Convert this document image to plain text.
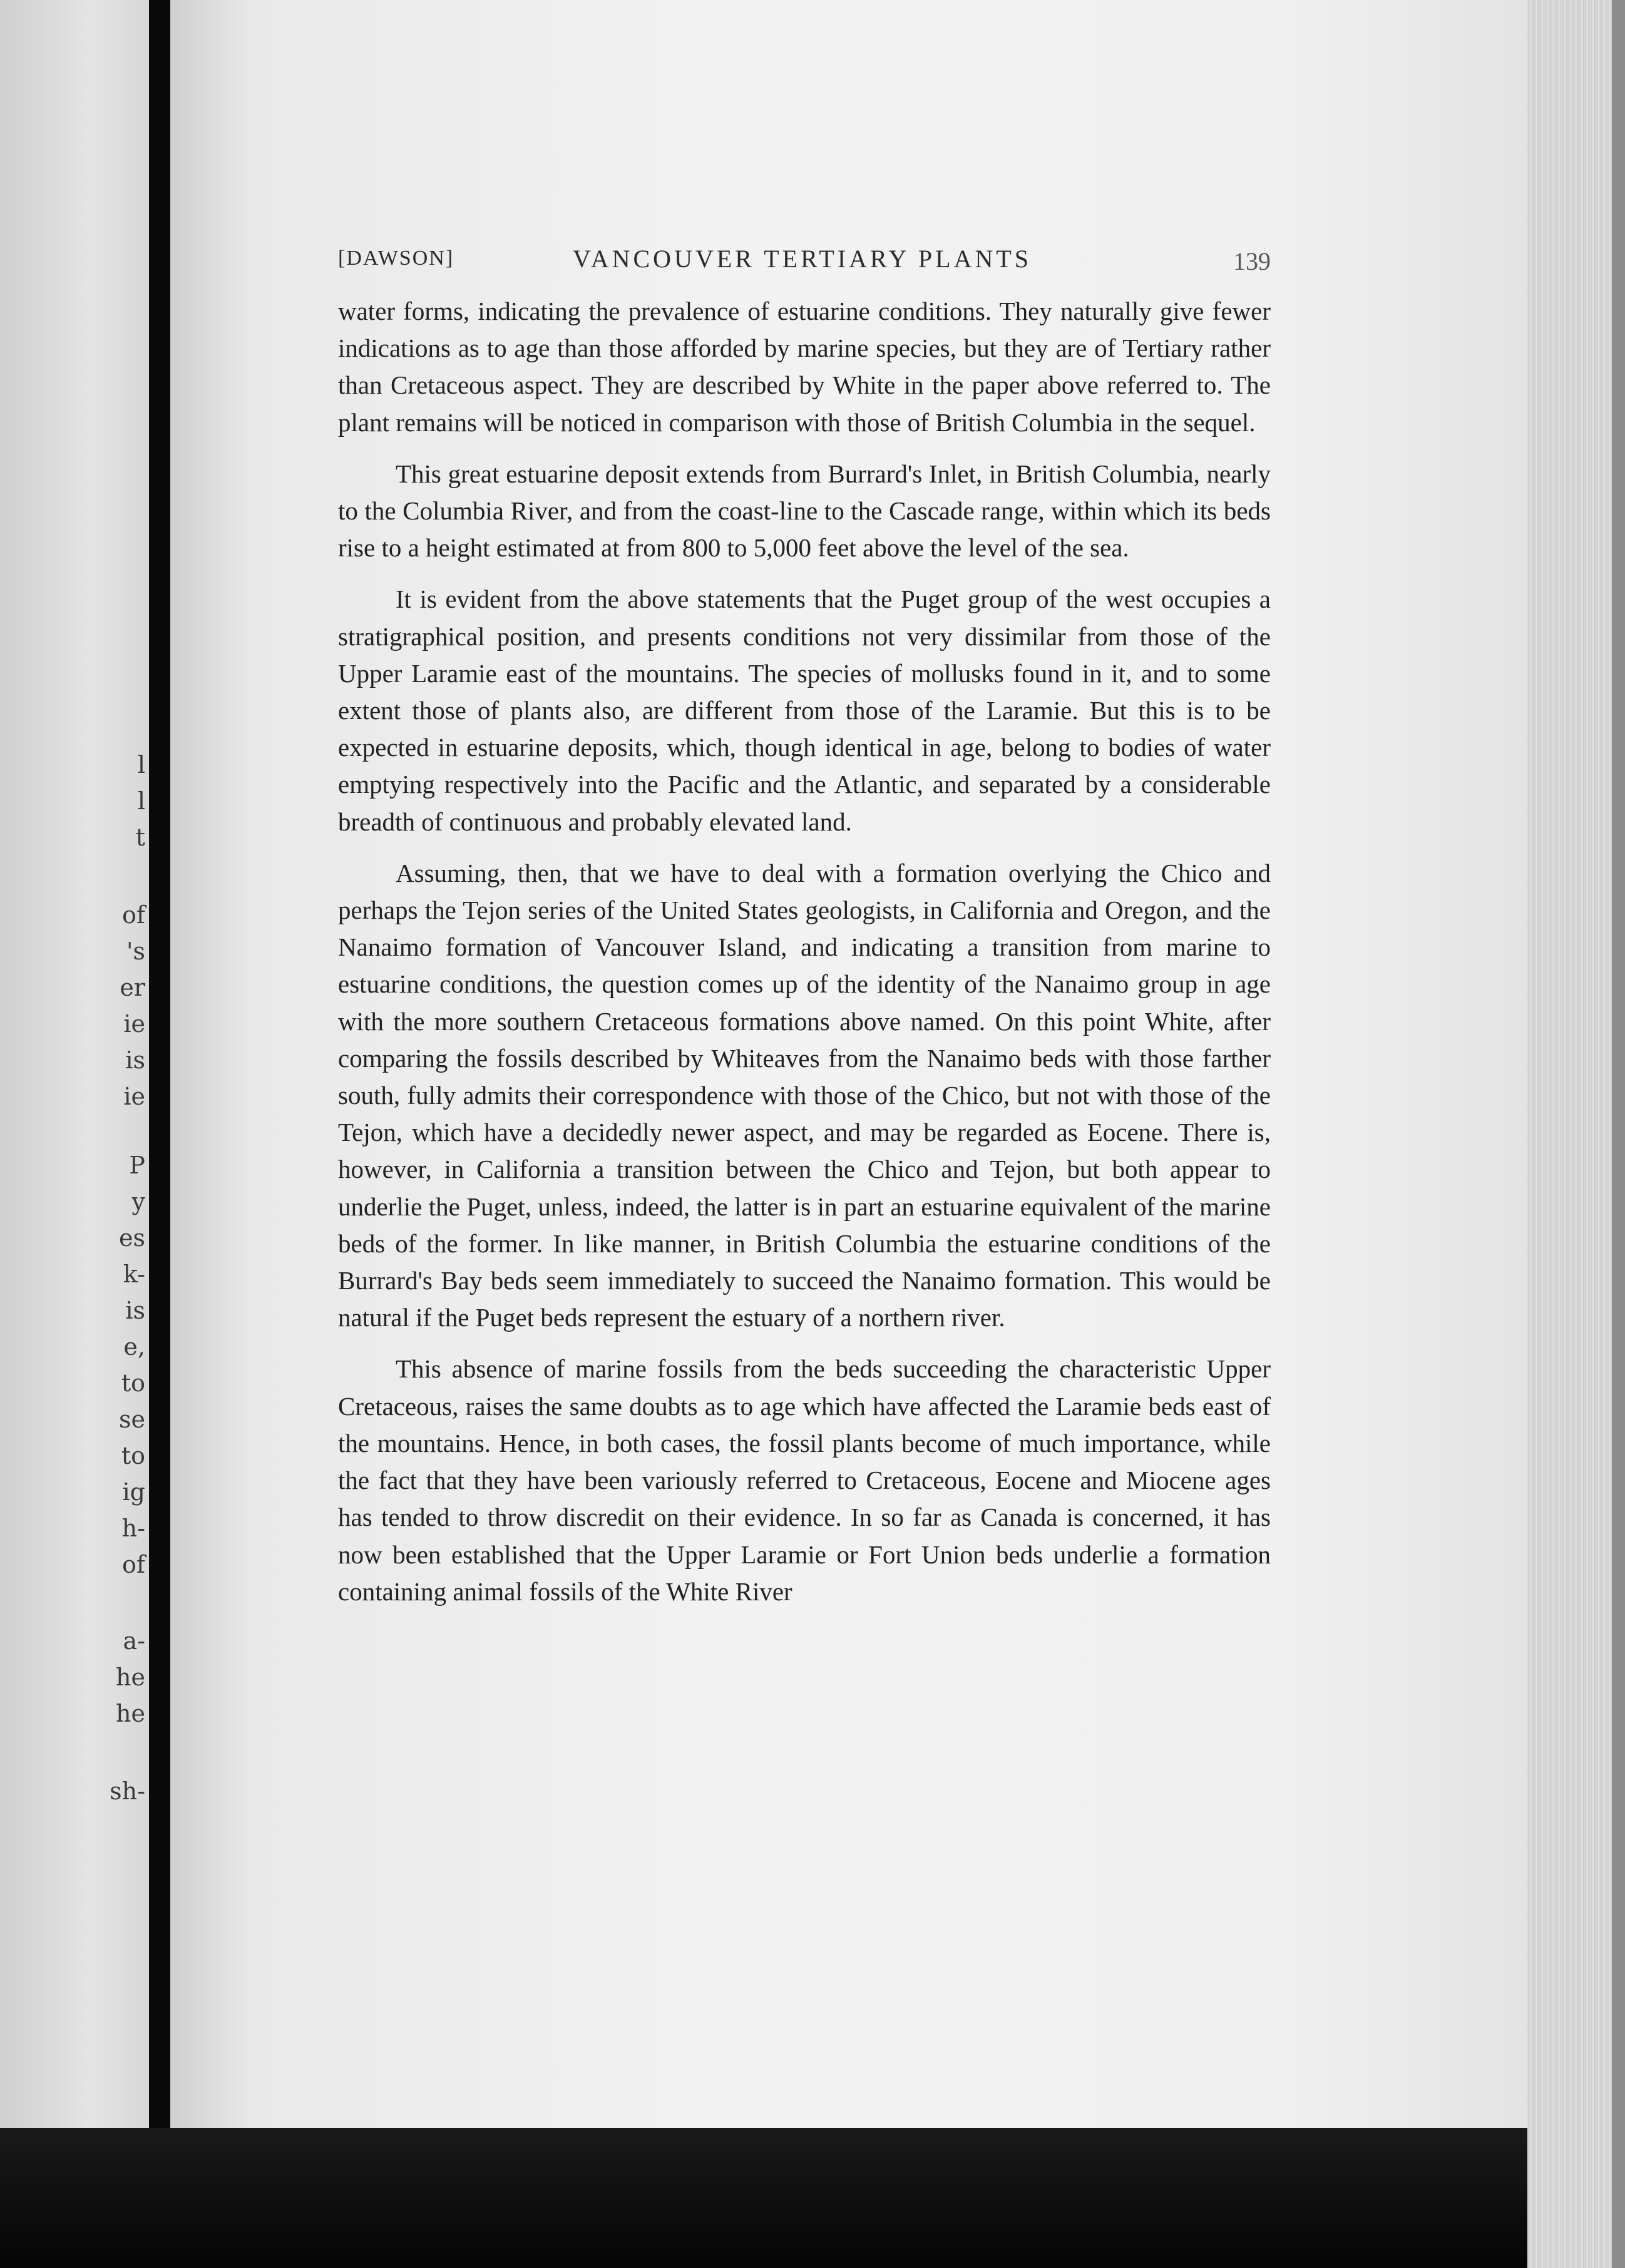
l
l
t
of
's
er
ie
is
ie
P
y
es
k-
is
e,
to
se
to
ig
h-
of
a-
he
he
sh-
[DAWSON]	VANCOUVER TERTIARY PLANTS	139

water forms, indicating the prevalence of estuarine conditions. They naturally give fewer indications as to age than those afforded by marine species, but they are of Tertiary rather than Cretaceous aspect. They are described by White in the paper above referred to. The plant remains will be noticed in comparison with those of British Columbia in the sequel.

This great estuarine deposit extends from Burrard's Inlet, in British Columbia, nearly to the Columbia River, and from the coast-line to the Cascade range, within which its beds rise to a height estimated at from 800 to 5,000 feet above the level of the sea.

It is evident from the above statements that the Puget group of the west occupies a stratigraphical position, and presents conditions not very dissimilar from those of the Upper Laramie east of the mountains. The species of mollusks found in it, and to some extent those of plants also, are different from those of the Laramie. But this is to be expected in estuarine deposits, which, though identical in age, belong to bodies of water emptying respectively into the Pacific and the Atlantic, and separated by a considerable breadth of continuous and probably elevated land.

Assuming, then, that we have to deal with a formation overlying the Chico and perhaps the Tejon series of the United States geologists, in California and Oregon, and the Nanaimo formation of Vancouver Island, and indicating a transition from marine to estuarine conditions, the question comes up of the identity of the Nanaimo group in age with the more southern Cretaceous formations above named. On this point White, after comparing the fossils described by Whiteaves from the Nanaimo beds with those farther south, fully admits their correspondence with those of the Chico, but not with those of the Tejon, which have a decidedly newer aspect, and may be regarded as Eocene. There is, however, in California a transition between the Chico and Tejon, but both appear to underlie the Puget, unless, indeed, the latter is in part an estuarine equivalent of the marine beds of the former. In like manner, in British Columbia the estuarine conditions of the Burrard's Bay beds seem immediately to succeed the Nanaimo formation. This would be natural if the Puget beds represent the estuary of a northern river.

This absence of marine fossils from the beds succeeding the characteristic Upper Cretaceous, raises the same doubts as to age which have affected the Laramie beds east of the mountains. Hence, in both cases, the fossil plants become of much importance, while the fact that they have been variously referred to Cretaceous, Eocene and Miocene ages has tended to throw discredit on their evidence. In so far as Canada is concerned, it has now been established that the Upper Laramie or Fort Union beds underlie a formation containing animal fossils of the White River
